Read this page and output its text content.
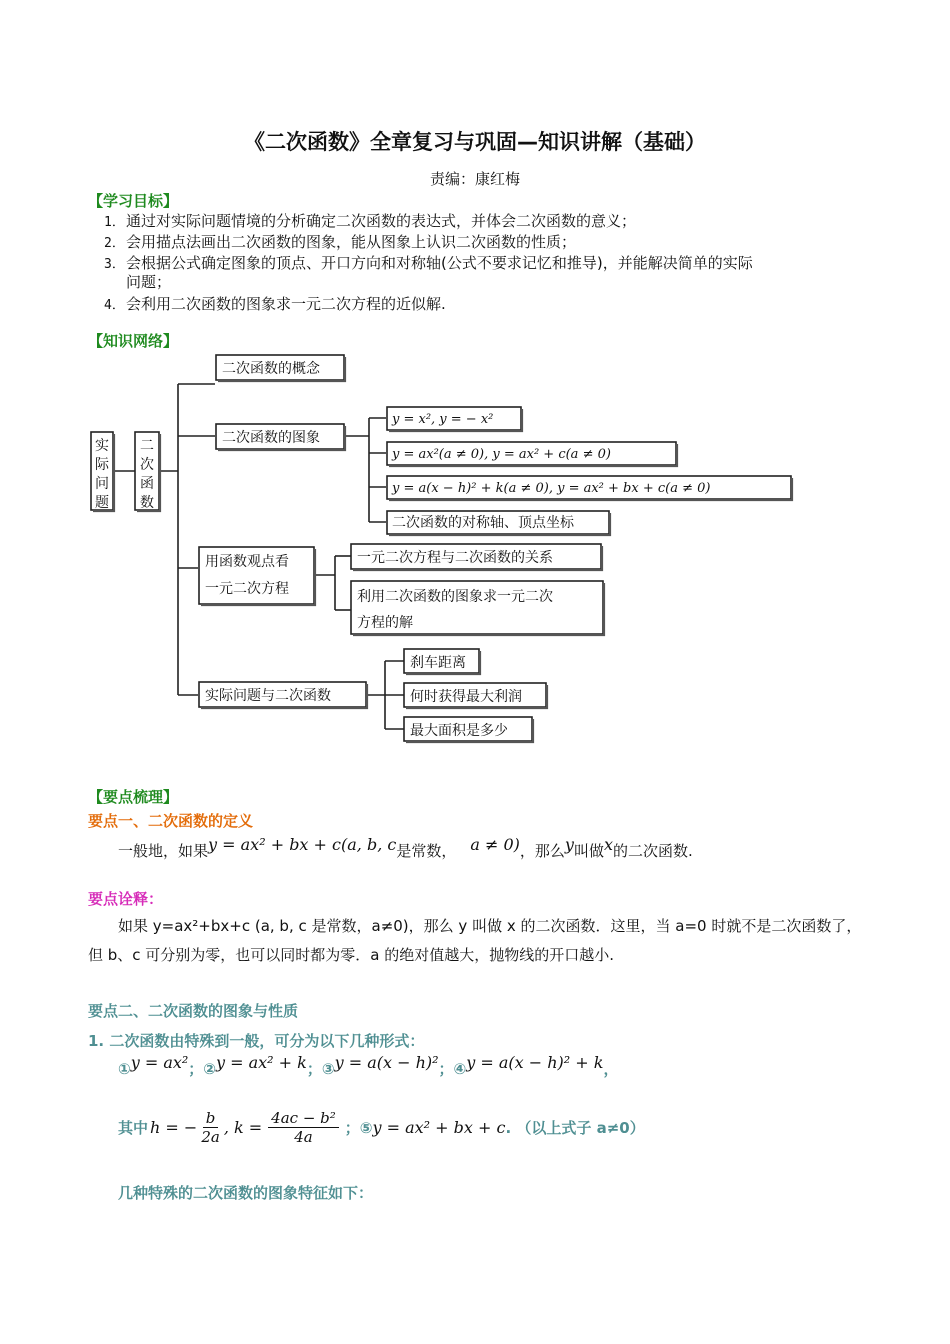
《二次函数》全章复习与巩固—知识讲解（基础）
责编：康红梅
【学习目标】
1．通过对实际问题情境的分析确定二次函数的表达式，并体会二次函数的意义；
2．会用描点法画出二次函数的图象，能从图象上认识二次函数的性质；
3．会根据公式确定图象的顶点、开口方向和对称轴(公式不要求记忆和推导)，并能解决简单的实际
问题；
4．会利用二次函数的图象求一元二次方程的近似解.
【知识网络】
实
际
问
题
二
次
函
数
二次函数的概念
二次函数的图象
用函数观点看
一元二次方程
实际问题与二次函数
y = x², y = − x²
y = ax²(a ≠ 0), y = ax² + c(a ≠ 0)
y = a(x − h)² + k(a ≠ 0), y = ax² + bx + c(a ≠ 0)
二次函数的对称轴、顶点坐标
一元二次方程与二次函数的关系
利用二次函数的图象求一元二次
方程的解
刹车距离
何时获得最大利润
最大面积是多少
【要点梳理】
要点一、二次函数的定义
一般地，如果y = ax² + bx + c(a, b, c是常数， a ≠ 0)，那么y叫做x的二次函数.
要点诠释：
如果 y=ax²+bx+c (a, b, c 是常数，a≠0)，那么 y 叫做 x 的二次函数．这里，当 a=0 时就不是二次函数了，
但 b、c 可分别为零，也可以同时都为零．a 的绝对值越大，抛物线的开口越小.
要点二、二次函数的图象与性质
1. 二次函数由特殊到一般，可分为以下几种形式：
①y = ax²；②y = ax² + k；③y = a(x − h)²；④y = a(x − h)² + k，
其中 h = − $\frac{b}{2a}$ , $k = \frac{\text{4ac − b²}}{4a}$ ；⑤ y = ax² + bx + c . （以上式子 a≠0）
几种特殊的二次函数的图象特征如下：
